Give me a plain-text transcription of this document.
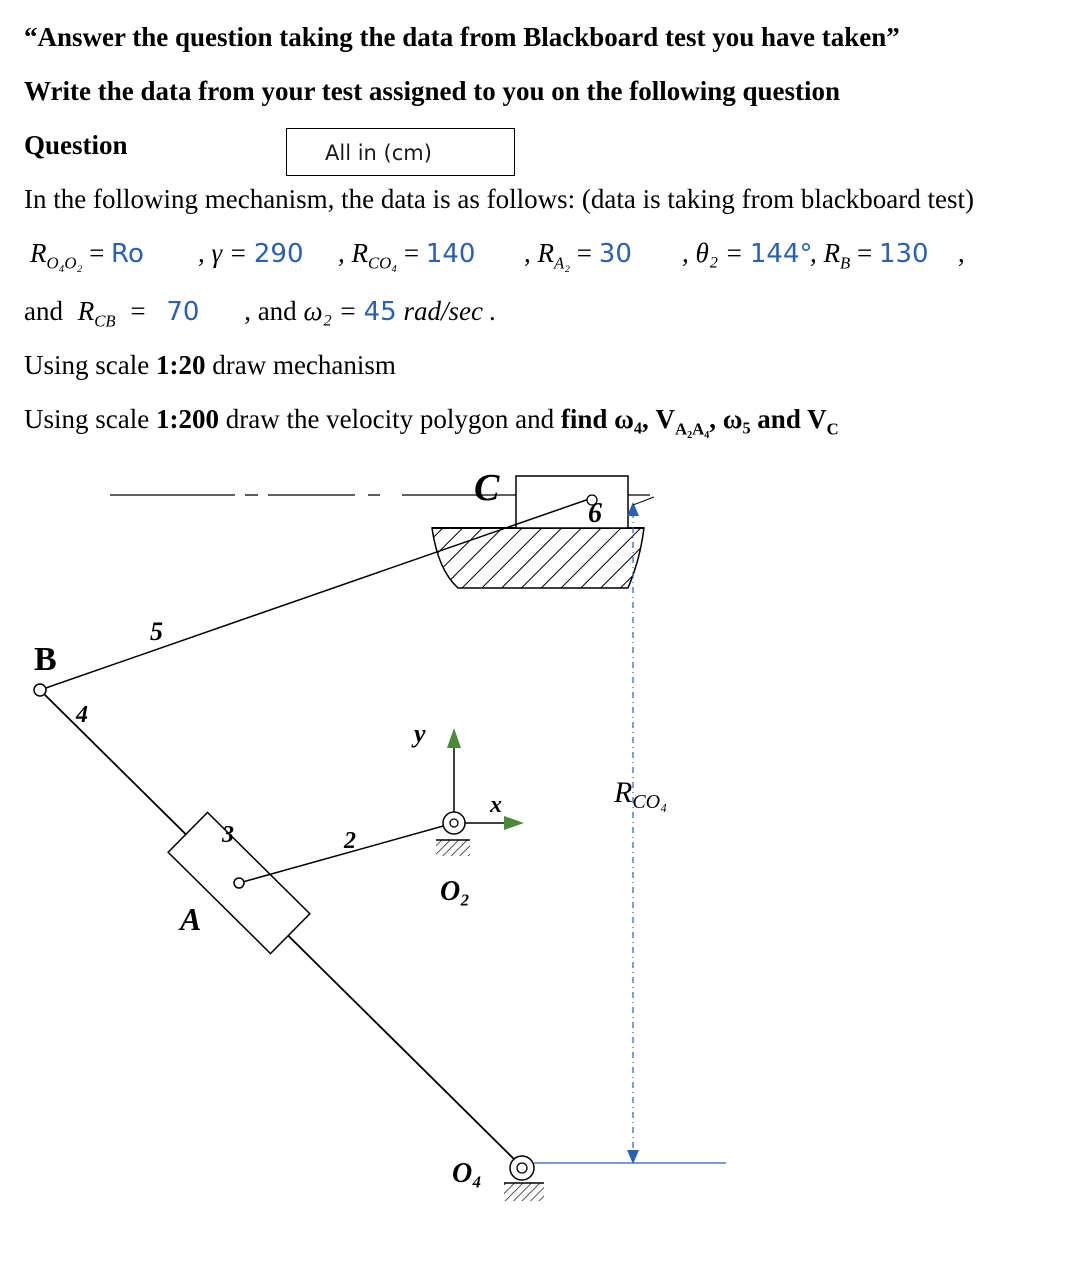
“Answer the question taking the data from Blackboard test you have taken”
Write the data from your test assigned to you on the following question
Question	All in (cm)
In the following mechanism, the data is as follows: (data is taking from blackboard test)
$R_{O_4O_2} = Ro$ , γ = 290 , $R_{CO_4} = 140$ , $R_{A_2} = 30$ , θ₂ = 144°
, $R_B = 130$ ,
and $R_{CB} = 70$ , and ω₂ = 45 rad/sec .
Using scale 1:20 draw mechanism
Using scale 1:200 draw the velocity polygon and find ω₄, $V_{A_2A_4}$, ω₅ and $V_C$
C
6
5
B
4
y
x
3	2
A
O₂
O₄
$R_{CO_4}$
